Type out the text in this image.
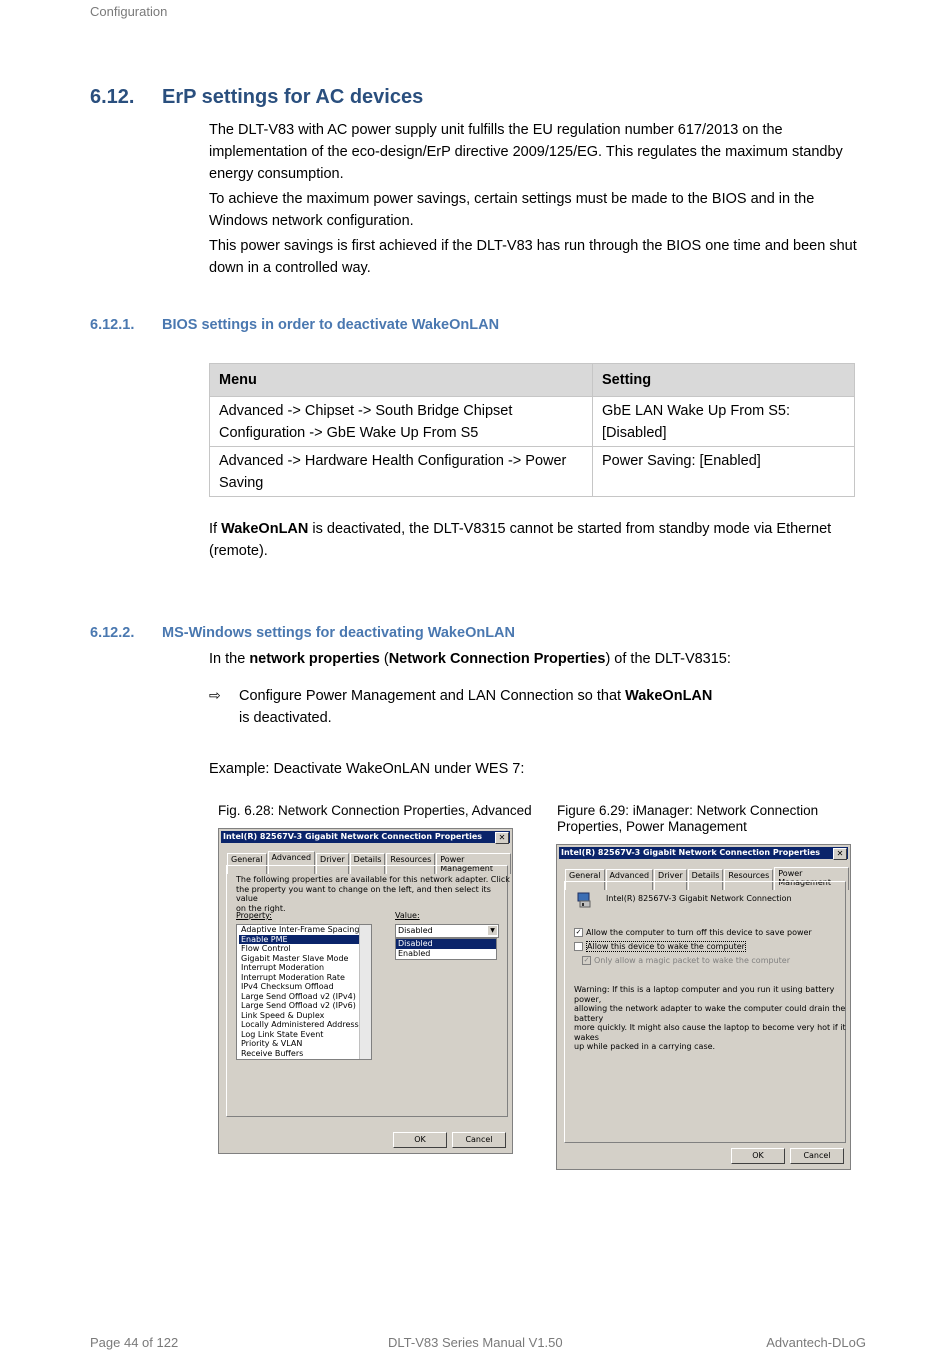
Configuration
6.12. ErP settings for AC devices
The DLT-V83 with AC power supply unit fulfills the EU regulation number 617/2013 on the implementation of the eco-design/ErP directive 2009/125/EG. This regulates the maximum standby energy consumption.
To achieve the maximum power savings, certain settings must be made to the BIOS and in the Windows network configuration.
This power savings is first achieved if the DLT-V83 has run through the BIOS one time and been shut down in a controlled way.
6.12.1. BIOS settings in order to deactivate WakeOnLAN
Menu	Setting
Advanced -> Chipset -> South Bridge Chipset Configuration -> GbE Wake Up From S5	GbE LAN Wake Up From S5: [Disabled]
Advanced -> Hardware Health Configuration -> Power Saving	Power Saving: [Enabled]
If WakeOnLAN is deactivated, the DLT-V8315 cannot be started from standby mode via Ethernet (remote).
6.12.2. MS-Windows settings for deactivating WakeOnLAN
In the network properties (Network Connection Properties) of the DLT-V8315:
⇨ Configure Power Management and LAN Connection so that WakeOnLAN
is deactivated.
Example: Deactivate WakeOnLAN under WES 7:
Fig. 6.28: Network Connection Properties, Advanced Figure 6.29: iManager: Network Connection
Properties, Power Management
Intel(R) 82567V-3 Gigabit Network Connection Properties	✕
General	Advanced	Driver	Details	Resources	Power Management
The following properties are available for this network adapter. Click
the property you want to change on the left, and then select its value
on the right.
Property:	Value:
Adaptive Inter-Frame Spacing
Enable PME
Flow Control
Gigabit Master Slave Mode
Interrupt Moderation
Interrupt Moderation Rate
IPv4 Checksum Offload
Large Send Offload v2 (IPv4)
Large Send Offload v2 (IPv6)
Link Speed & Duplex
Locally Administered Address
Log Link State Event
Priority & VLAN
Receive Buffers
Disabled	▼
Disabled
Enabled
OK	Cancel
Intel(R) 82567V-3 Gigabit Network Connection Properties	✕
General	Advanced	Driver	Details	Resources	Power Management
Intel(R) 82567V-3 Gigabit Network Connection
✓ Allow the computer to turn off this device to save power
Allow this device to wake the computer
✓ Only allow a magic packet to wake the computer
Warning: If this is a laptop computer and you run it using battery power,
allowing the network adapter to wake the computer could drain the battery
more quickly. It might also cause the laptop to become very hot if it wakes
up while packed in a carrying case.
OK	Cancel
Page 44 of 122	DLT-V83 Series Manual V1.50	Advantech-DLoG
